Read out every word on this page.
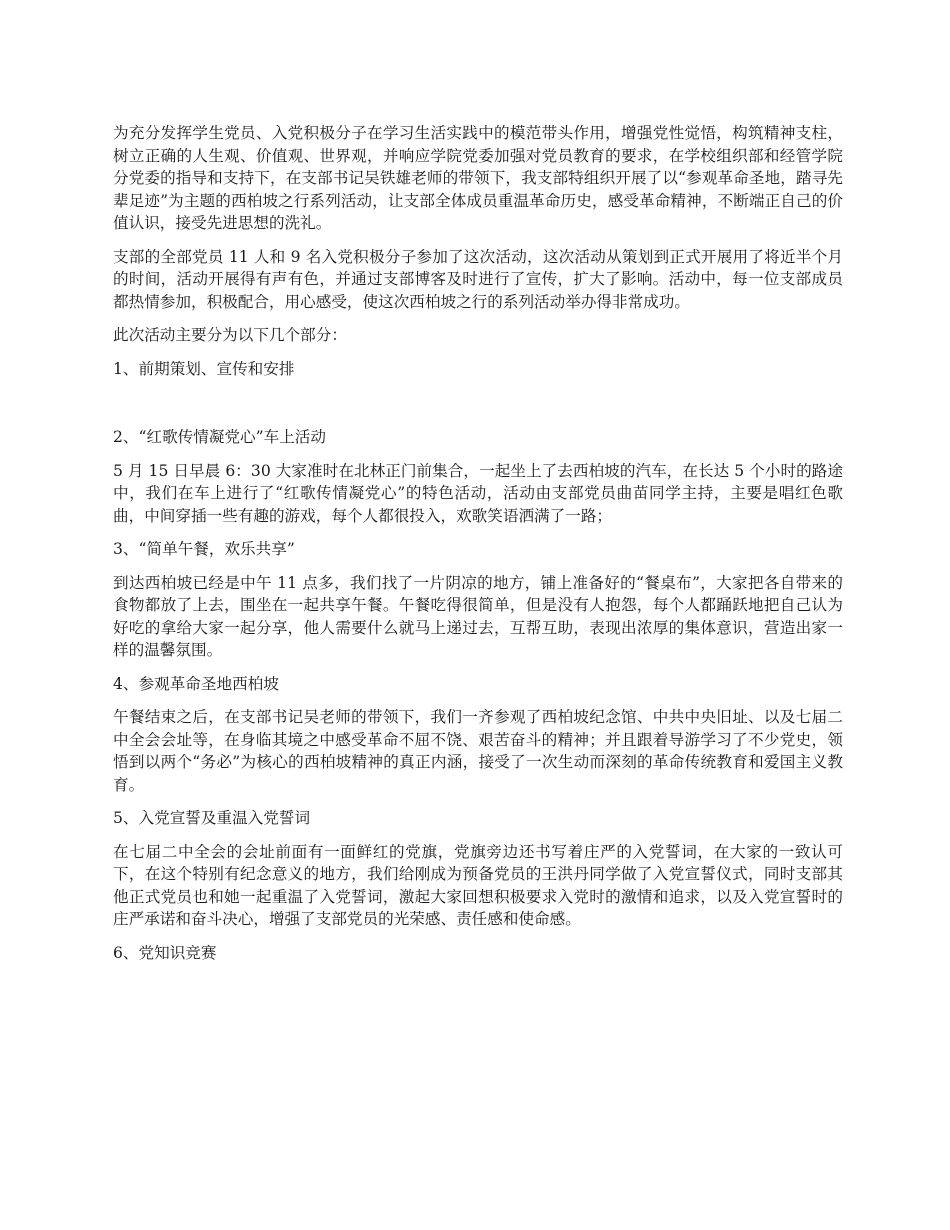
为充分发挥学生党员、入党积极分子在学习生活实践中的模范带头作用，增强党性觉悟，构筑精神支柱，树立正确的人生观、价值观、世界观，并响应学院党委加强对党员教育的要求，在学校组织部和经管学院分党委的指导和支持下，在支部书记吴铁雄老师的带领下，我支部特组织开展了以“参观革命圣地，踏寻先辈足迹”为主题的西柏坡之行系列活动，让支部全体成员重温革命历史，感受革命精神，不断端正自己的价值认识，接受先进思想的洗礼。

支部的全部党员 11 人和 9 名入党积极分子参加了这次活动，这次活动从策划到正式开展用了将近半个月的时间，活动开展得有声有色，并通过支部博客及时进行了宣传，扩大了影响。活动中，每一位支部成员都热情参加，积极配合，用心感受，使这次西柏坡之行的系列活动举办得非常成功。

此次活动主要分为以下几个部分：

1、前期策划、宣传和安排

2、“红歌传情凝党心”车上活动

5 月 15 日早晨 6：30 大家准时在北林正门前集合，一起坐上了去西柏坡的汽车，在长达 5 个小时的路途中，我们在车上进行了“红歌传情凝党心”的特色活动，活动由支部党员曲苗同学主持，主要是唱红色歌曲，中间穿插一些有趣的游戏，每个人都很投入，欢歌笑语洒满了一路；

3、“简单午餐，欢乐共享”

到达西柏坡已经是中午 11 点多，我们找了一片阴凉的地方，铺上准备好的“餐桌布”，大家把各自带来的食物都放了上去，围坐在一起共享午餐。午餐吃得很简单，但是没有人抱怨，每个人都踊跃地把自己认为好吃的拿给大家一起分享，他人需要什么就马上递过去，互帮互助，表现出浓厚的集体意识，营造出家一样的温馨氛围。

4、参观革命圣地西柏坡

午餐结束之后，在支部书记吴老师的带领下，我们一齐参观了西柏坡纪念馆、中共中央旧址、以及七届二中全会会址等，在身临其境之中感受革命不屈不饶、艰苦奋斗的精神；并且跟着导游学习了不少党史，领悟到以两个“务必”为核心的西柏坡精神的真正内涵，接受了一次生动而深刻的革命传统教育和爱国主义教育。

5、入党宣誓及重温入党誓词

在七届二中全会的会址前面有一面鲜红的党旗，党旗旁边还书写着庄严的入党誓词，在大家的一致认可下，在这个特别有纪念意义的地方，我们给刚成为预备党员的王洪丹同学做了入党宣誓仪式，同时支部其他正式党员也和她一起重温了入党誓词，激起大家回想积极要求入党时的激情和追求，以及入党宣誓时的庄严承诺和奋斗决心，增强了支部党员的光荣感、责任感和使命感。

6、党知识竞赛
